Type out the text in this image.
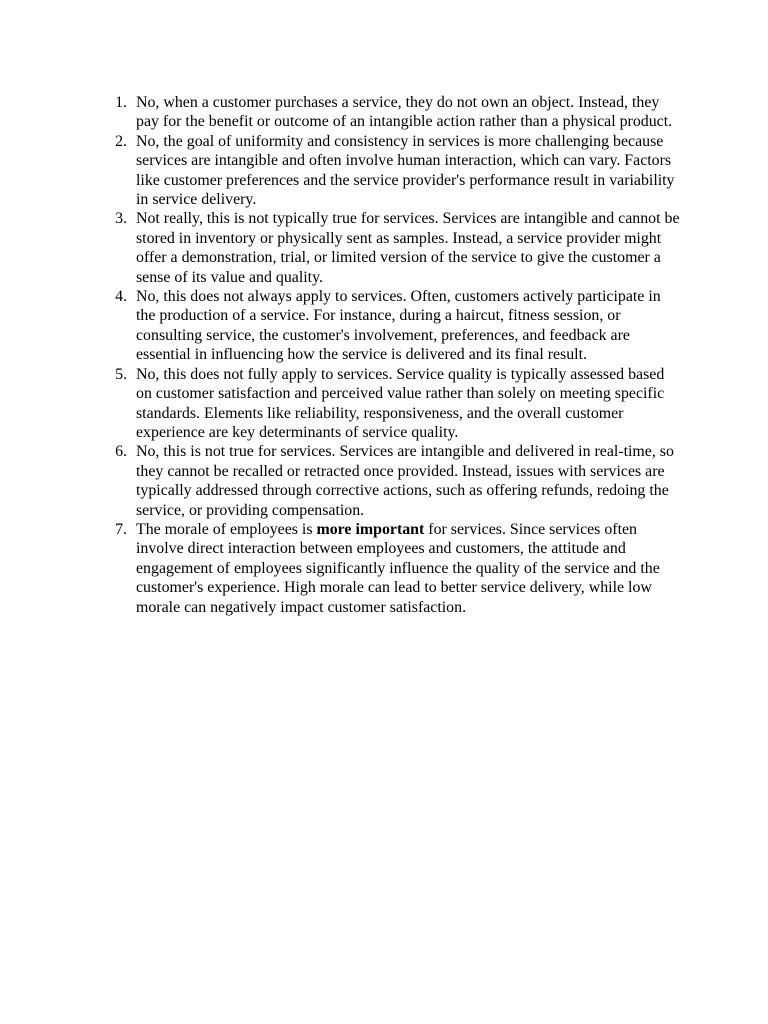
1. No, when a customer purchases a service, they do not own an object. Instead, they pay for the benefit or outcome of an intangible action rather than a physical product.
2. No, the goal of uniformity and consistency in services is more challenging because services are intangible and often involve human interaction, which can vary. Factors like customer preferences and the service provider's performance result in variability in service delivery.
3. Not really, this is not typically true for services. Services are intangible and cannot be stored in inventory or physically sent as samples. Instead, a service provider might offer a demonstration, trial, or limited version of the service to give the customer a sense of its value and quality.
4. No, this does not always apply to services. Often, customers actively participate in the production of a service. For instance, during a haircut, fitness session, or consulting service, the customer's involvement, preferences, and feedback are essential in influencing how the service is delivered and its final result.
5. No, this does not fully apply to services. Service quality is typically assessed based on customer satisfaction and perceived value rather than solely on meeting specific standards. Elements like reliability, responsiveness, and the overall customer experience are key determinants of service quality.
6. No, this is not true for services. Services are intangible and delivered in real-time, so they cannot be recalled or retracted once provided. Instead, issues with services are typically addressed through corrective actions, such as offering refunds, redoing the service, or providing compensation.
7. The morale of employees is more important for services. Since services often involve direct interaction between employees and customers, the attitude and engagement of employees significantly influence the quality of the service and the customer's experience. High morale can lead to better service delivery, while low morale can negatively impact customer satisfaction.
